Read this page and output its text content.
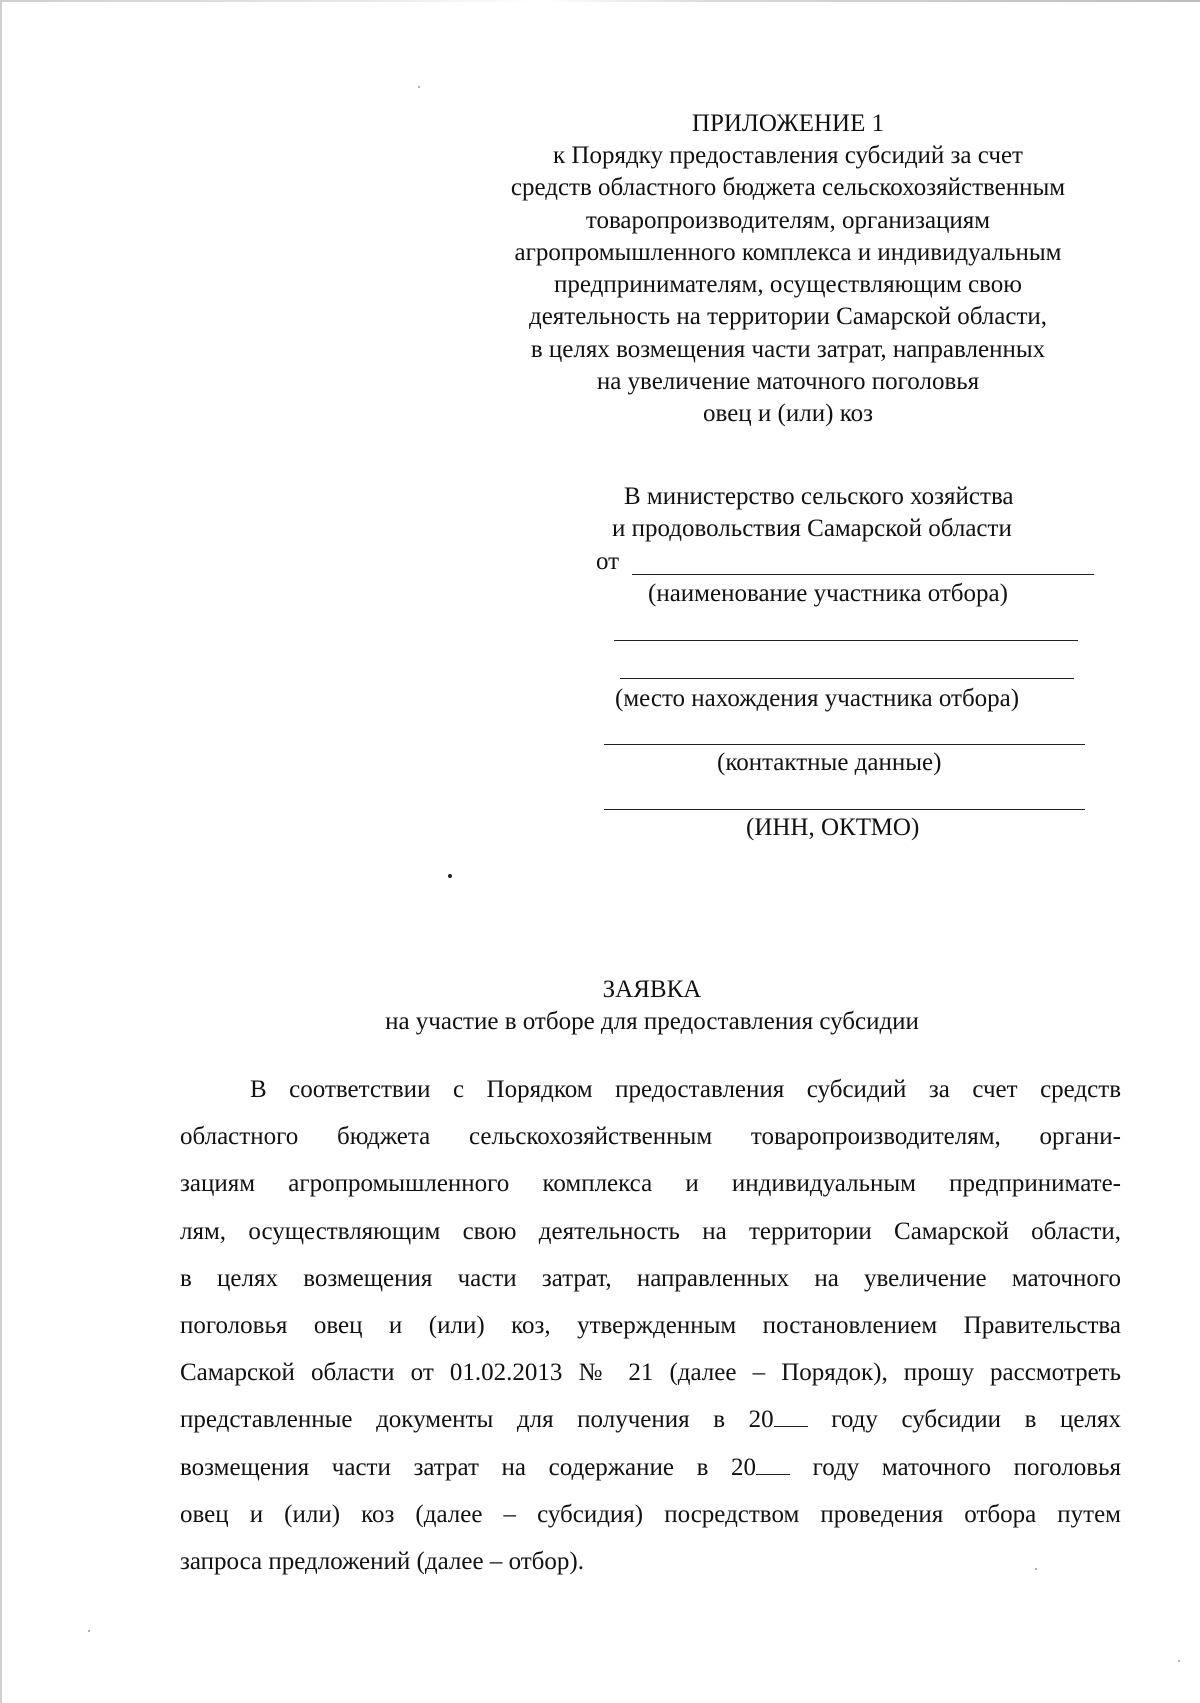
ПРИЛОЖЕНИЕ 1
к Порядку предоставления субсидий за счет
средств областного бюджета сельскохозяйственным
товаропроизводителям, организациям
агропромышленного комплекса и индивидуальным
предпринимателям, осуществляющим свою
деятельность на территории Самарской области,
в целях возмещения части затрат, направленных
на увеличение маточного поголовья
овец и (или) коз
В министерство сельского хозяйства
и продовольствия Самарской области
от
(наименование участника отбора)
(место нахождения участника отбора)
(контактные данные)
(ИНН, ОКТМО)
ЗАЯВКА
на участие в отборе для предоставления субсидии
В соответствии с Порядком предоставления субсидий за счет средств
областного бюджета сельскохозяйственным товаропроизводителям, органи-
зациям агропромышленного комплекса и индивидуальным предпринимате-
лям, осуществляющим свою деятельность на территории Самарской области,
в целях возмещения части затрат, направленных на увеличение маточного
поголовья овец и (или) коз, утвержденным постановлением Правительства
Самарской области от 01.02.2013 № 21 (далее – Порядок), прошу рассмотреть
представленные документы для получения в 20 году субсидии в целях
возмещения части затрат на содержание в 20 году маточного поголовья
овец и (или) коз (далее – субсидия) посредством проведения отбора путем
запроса предложений (далее – отбор).
